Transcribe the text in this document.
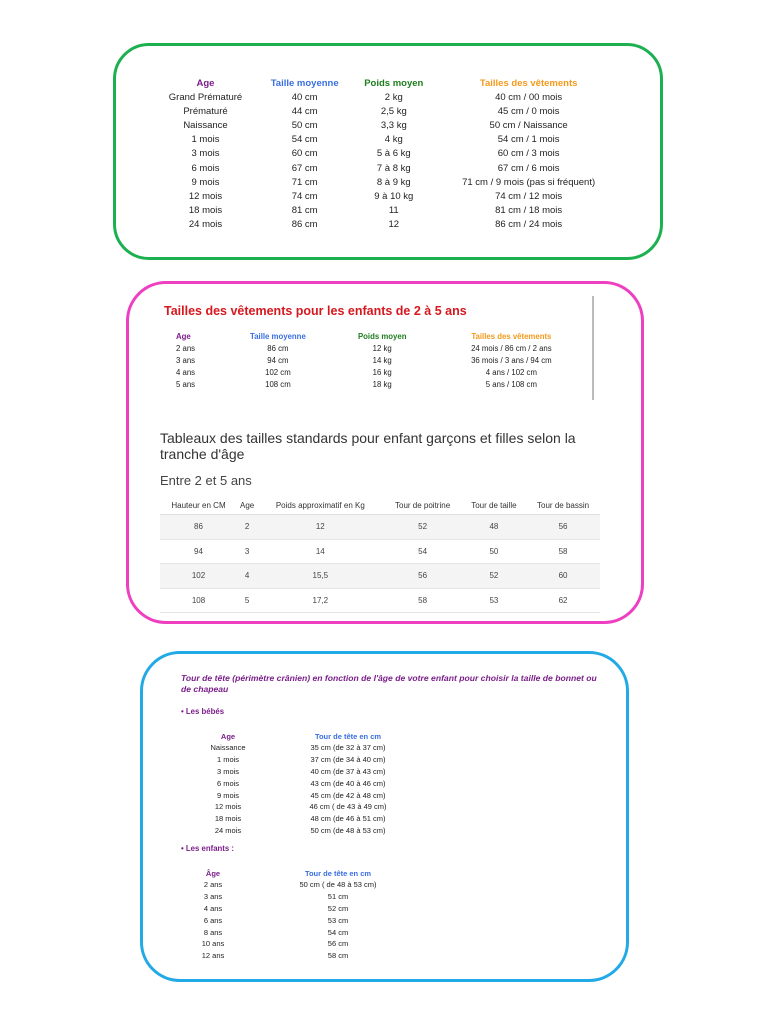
Age	Taille moyenne	Poids moyen	Tailles des vêtements
Grand Prématuré	40 cm	2 kg	40 cm / 00 mois
Prématuré	44 cm	2,5 kg	45 cm / 0 mois
Naissance	50 cm	3,3 kg	50 cm / Naissance
1 mois	54 cm	4 kg	54 cm / 1 mois
3 mois	60 cm	5 à 6 kg	60 cm / 3 mois
6 mois	67 cm	7 à 8 kg	67 cm / 6 mois
9 mois	71 cm	8 à 9 kg	71 cm / 9 mois (pas si fréquent)
12 mois	74 cm	9 à 10 kg	74 cm / 12 mois
18 mois	81 cm	11	81 cm / 18 mois
24 mois	86 cm	12	86 cm / 24 mois
Tailles des vêtements pour les enfants de 2 à 5 ans
Age	Taille moyenne	Poids moyen	Tailles des vêtements
2 ans	86 cm	12 kg	24 mois / 86 cm / 2 ans
3 ans	94 cm	14 kg	36 mois / 3 ans / 94 cm
4 ans	102 cm	16 kg	4 ans / 102 cm
5 ans	108 cm	18 kg	5 ans / 108 cm
Tableaux des tailles standards pour enfant garçons et filles selon la tranche d'âge
Entre 2 et 5 ans
Hauteur en CM	Age	Poids approximatif en Kg	Tour de poitrine	Tour de taille	Tour de bassin
86	2	12	52	48	56
94	3	14	54	50	58
102	4	15,5	56	52	60
108	5	17,2	58	53	62
Tour de tête (périmètre crânien) en fonction de l'âge de votre enfant pour choisir la taille de bonnet ou de chapeau
• Les bébés
Age	Tour de tête en cm
Naissance	35 cm (de 32 à 37 cm)
1 mois	37 cm (de 34 à 40 cm)
3 mois	40 cm (de 37 à 43 cm)
6 mois	43 cm (de 40 à 46 cm)
9 mois	45 cm (de 42 à 48 cm)
12 mois	46 cm ( de 43 à 49 cm)
18 mois	48 cm (de 46 à 51 cm)
24 mois	50 cm (de 48 à 53 cm)
• Les enfants :
Âge	Tour de tête en cm
2 ans	50 cm ( de 48 à 53 cm)
3 ans	51 cm
4 ans	52 cm
6 ans	53 cm
8 ans	54 cm
10 ans	56 cm
12 ans	58 cm
